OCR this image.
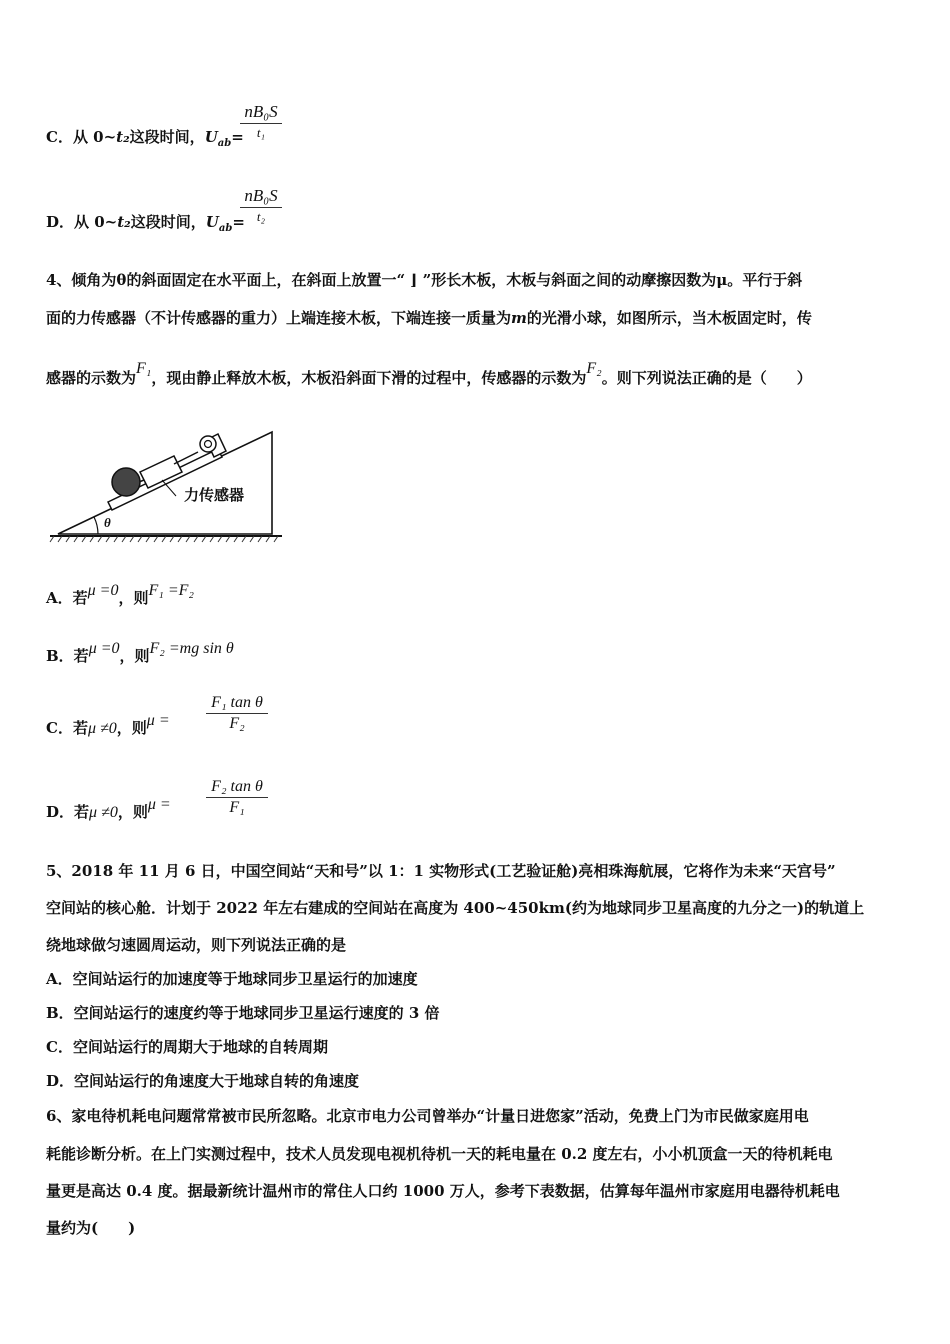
C．从 0~t₂这段时间，$U_{ab}=$
nB₀S
t₁
D．从 0~t₂这段时间，$U_{ab}=$
nB₀S
t₂
4、倾角为θ的斜面固定在水平面上，在斜面上放置一“ ⌋ ”形长木板，木板与斜面之间的动摩擦因数为μ。平行于斜
面的力传感器（不计传感器的重力）上端连接木板，下端连接一质量为m的光滑小球，如图所示，当木板固定时，传
感器的示数为F₁，现由静止释放木板，木板沿斜面下滑的过程中，传感器的示数为F₂。则下列说法正确的是（　　）
力传感器
θ
A．若μ =0，则F₁ =F₂
B．若μ =0，则F₂ =mg sin θ
C．若μ ≠0，则μ =
F₁ tan θ
F₂
D．若μ ≠0，则μ =
F₂ tan θ
F₁
5、2018 年 11 月 6 日，中国空间站“天和号”以 1：1 实物形式(工艺验证舱)亮相珠海航展，它将作为未来“天宫号”
空间站的核心舱．计划于 2022 年左右建成的空间站在高度为 400~450km(约为地球同步卫星高度的九分之一)的轨道上
绕地球做匀速圆周运动，则下列说法正确的是
A．空间站运行的加速度等于地球同步卫星运行的加速度
B．空间站运行的速度约等于地球同步卫星运行速度的 3 倍
C．空间站运行的周期大于地球的自转周期
D．空间站运行的角速度大于地球自转的角速度
6、家电待机耗电问题常常被市民所忽略。北京市电力公司曾举办“计量日进您家”活动，免费上门为市民做家庭用电
耗能诊断分析。在上门实测过程中，技术人员发现电视机待机一天的耗电量在 0.2 度左右，小小机顶盒一天的待机耗电
量更是高达 0.4 度。据最新统计温州市的常住人口约 1000 万人，参考下表数据，估算每年温州市家庭用电器待机耗电
量约为(　　)
